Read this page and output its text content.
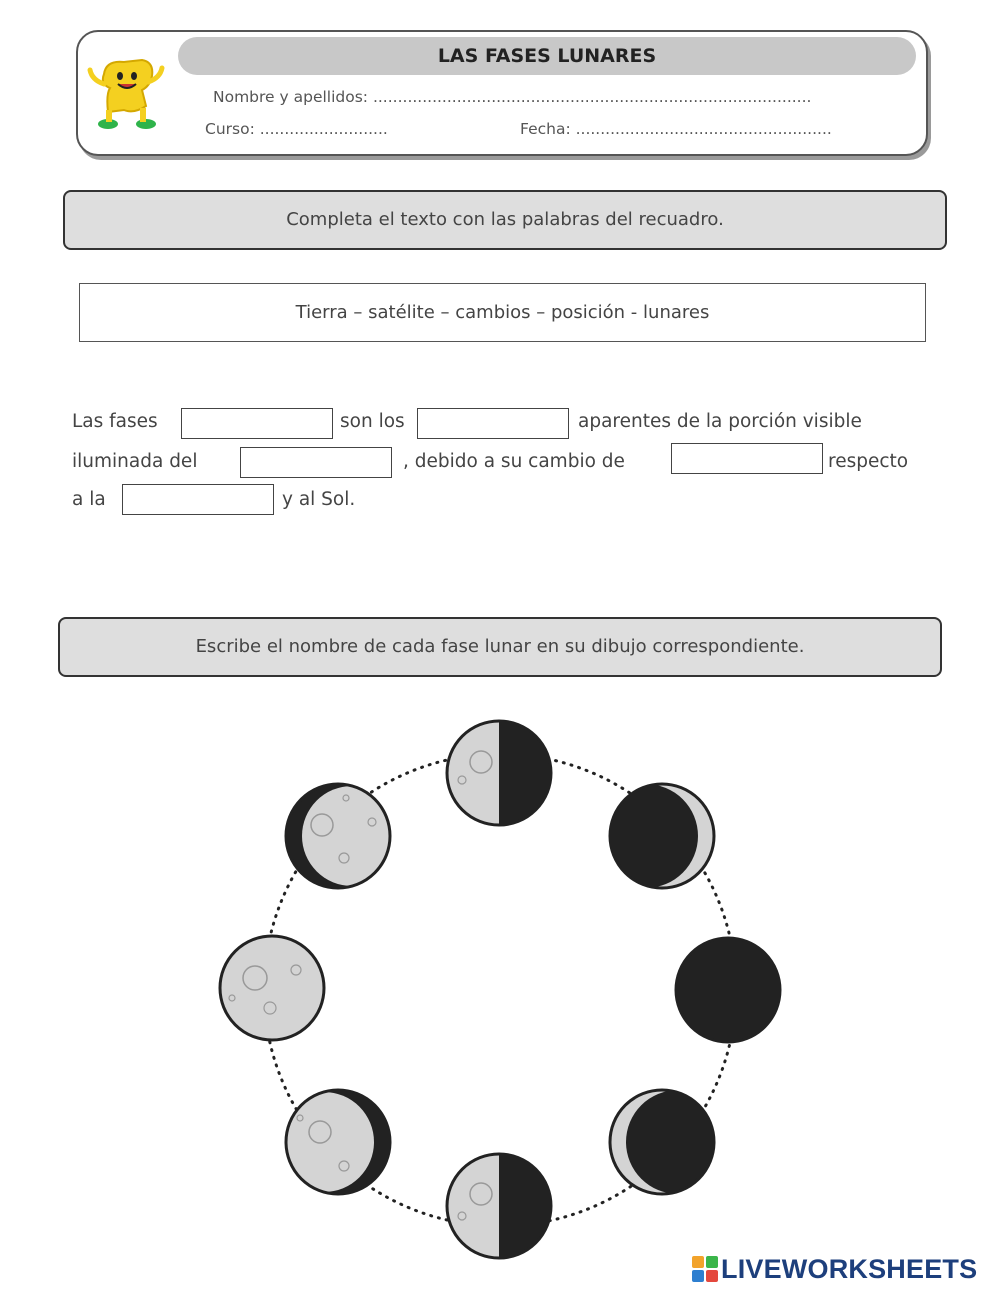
LAS FASES LUNARES
Nombre y apellidos: .........................................................................................
Curso: ..........................	Fecha: ....................................................
Completa el texto con las palabras del recuadro.
Tierra – satélite – cambios – posición - lunares
Las fases	son los	aparentes de la porción visible
iluminada del	, debido a su cambio de	respecto
a la	y al Sol.
Escribe el nombre de cada fase lunar en su dibujo correspondiente.
LIVEWORKSHEETS
